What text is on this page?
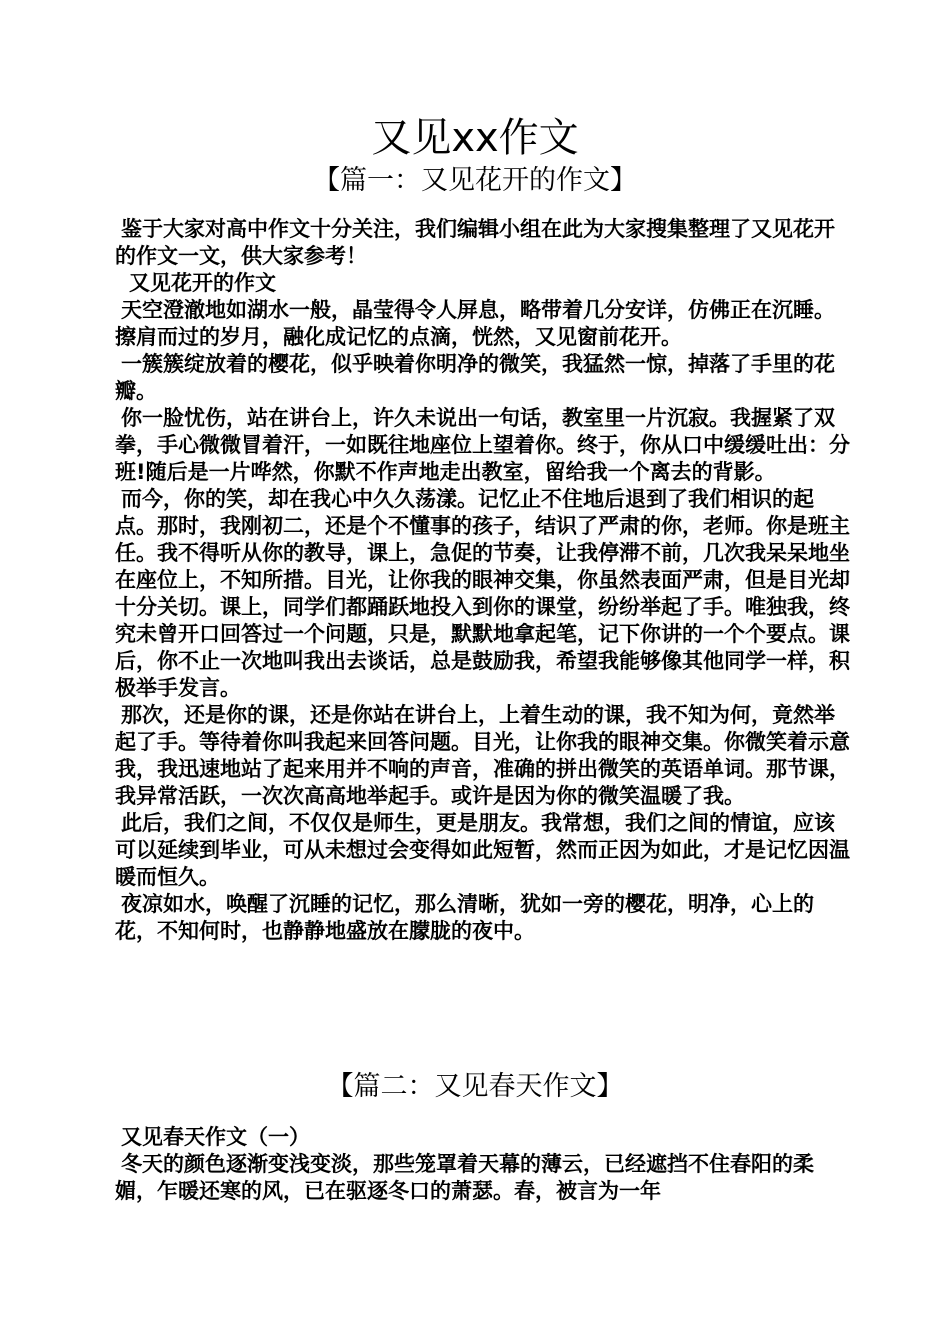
又见xx作文
【篇一：又见花开的作文】

鉴于大家对高中作文十分关注，我们编辑小组在此为大家搜集整理了又见花开的作文一文，供大家参考！

又见花开的作文

天空澄澈地如湖水一般，晶莹得令人屏息，略带着几分安详，仿佛正在沉睡。擦肩而过的岁月，融化成记忆的点滴，恍然，又见窗前花开。

一簇簇绽放着的樱花，似乎映着你明净的微笑，我猛然一惊，掉落了手里的花瓣。

你一脸忧伤，站在讲台上，许久未说出一句话，教室里一片沉寂。我握紧了双拳，手心微微冒着汗，一如既往地座位上望着你。终于，你从口中缓缓吐出：分班!随后是一片哗然，你默不作声地走出教室，留给我一个离去的背影。

而今，你的笑，却在我心中久久荡漾。记忆止不住地后退到了我们相识的起点。那时，我刚初二，还是个不懂事的孩子，结识了严肃的你，老师。你是班主任。我不得听从你的教导，课上，急促的节奏，让我停滞不前，几次我呆呆地坐在座位上，不知所措。目光，让你我的眼神交集，你虽然表面严肃，但是目光却十分关切。课上，同学们都踊跃地投入到你的课堂，纷纷举起了手。唯独我，终究未曾开口回答过一个问题，只是，默默地拿起笔，记下你讲的一个个要点。课后，你不止一次地叫我出去谈话，总是鼓励我，希望我能够像其他同学一样，积极举手发言。

那次，还是你的课，还是你站在讲台上，上着生动的课，我不知为何，竟然举起了手。等待着你叫我起来回答问题。目光，让你我的眼神交集。你微笑着示意我，我迅速地站了起来用并不响的声音，准确的拼出微笑的英语单词。那节课，我异常活跃，一次次高高地举起手。或许是因为你的微笑温暖了我。

此后，我们之间，不仅仅是师生，更是朋友。我常想，我们之间的情谊，应该可以延续到毕业，可从未想过会变得如此短暂，然而正因为如此，才是记忆因温暖而恒久。

夜凉如水，唤醒了沉睡的记忆，那么清晰，犹如一旁的樱花，明净，心上的花，不知何时，也静静地盛放在朦胧的夜中。

【篇二：又见春天作文】

又见春天作文（一）

冬天的颜色逐渐变浅变淡，那些笼罩着天幕的薄云，已经遮挡不住春阳的柔媚，乍暖还寒的风，已在驱逐冬口的萧瑟。春，被言为一年
